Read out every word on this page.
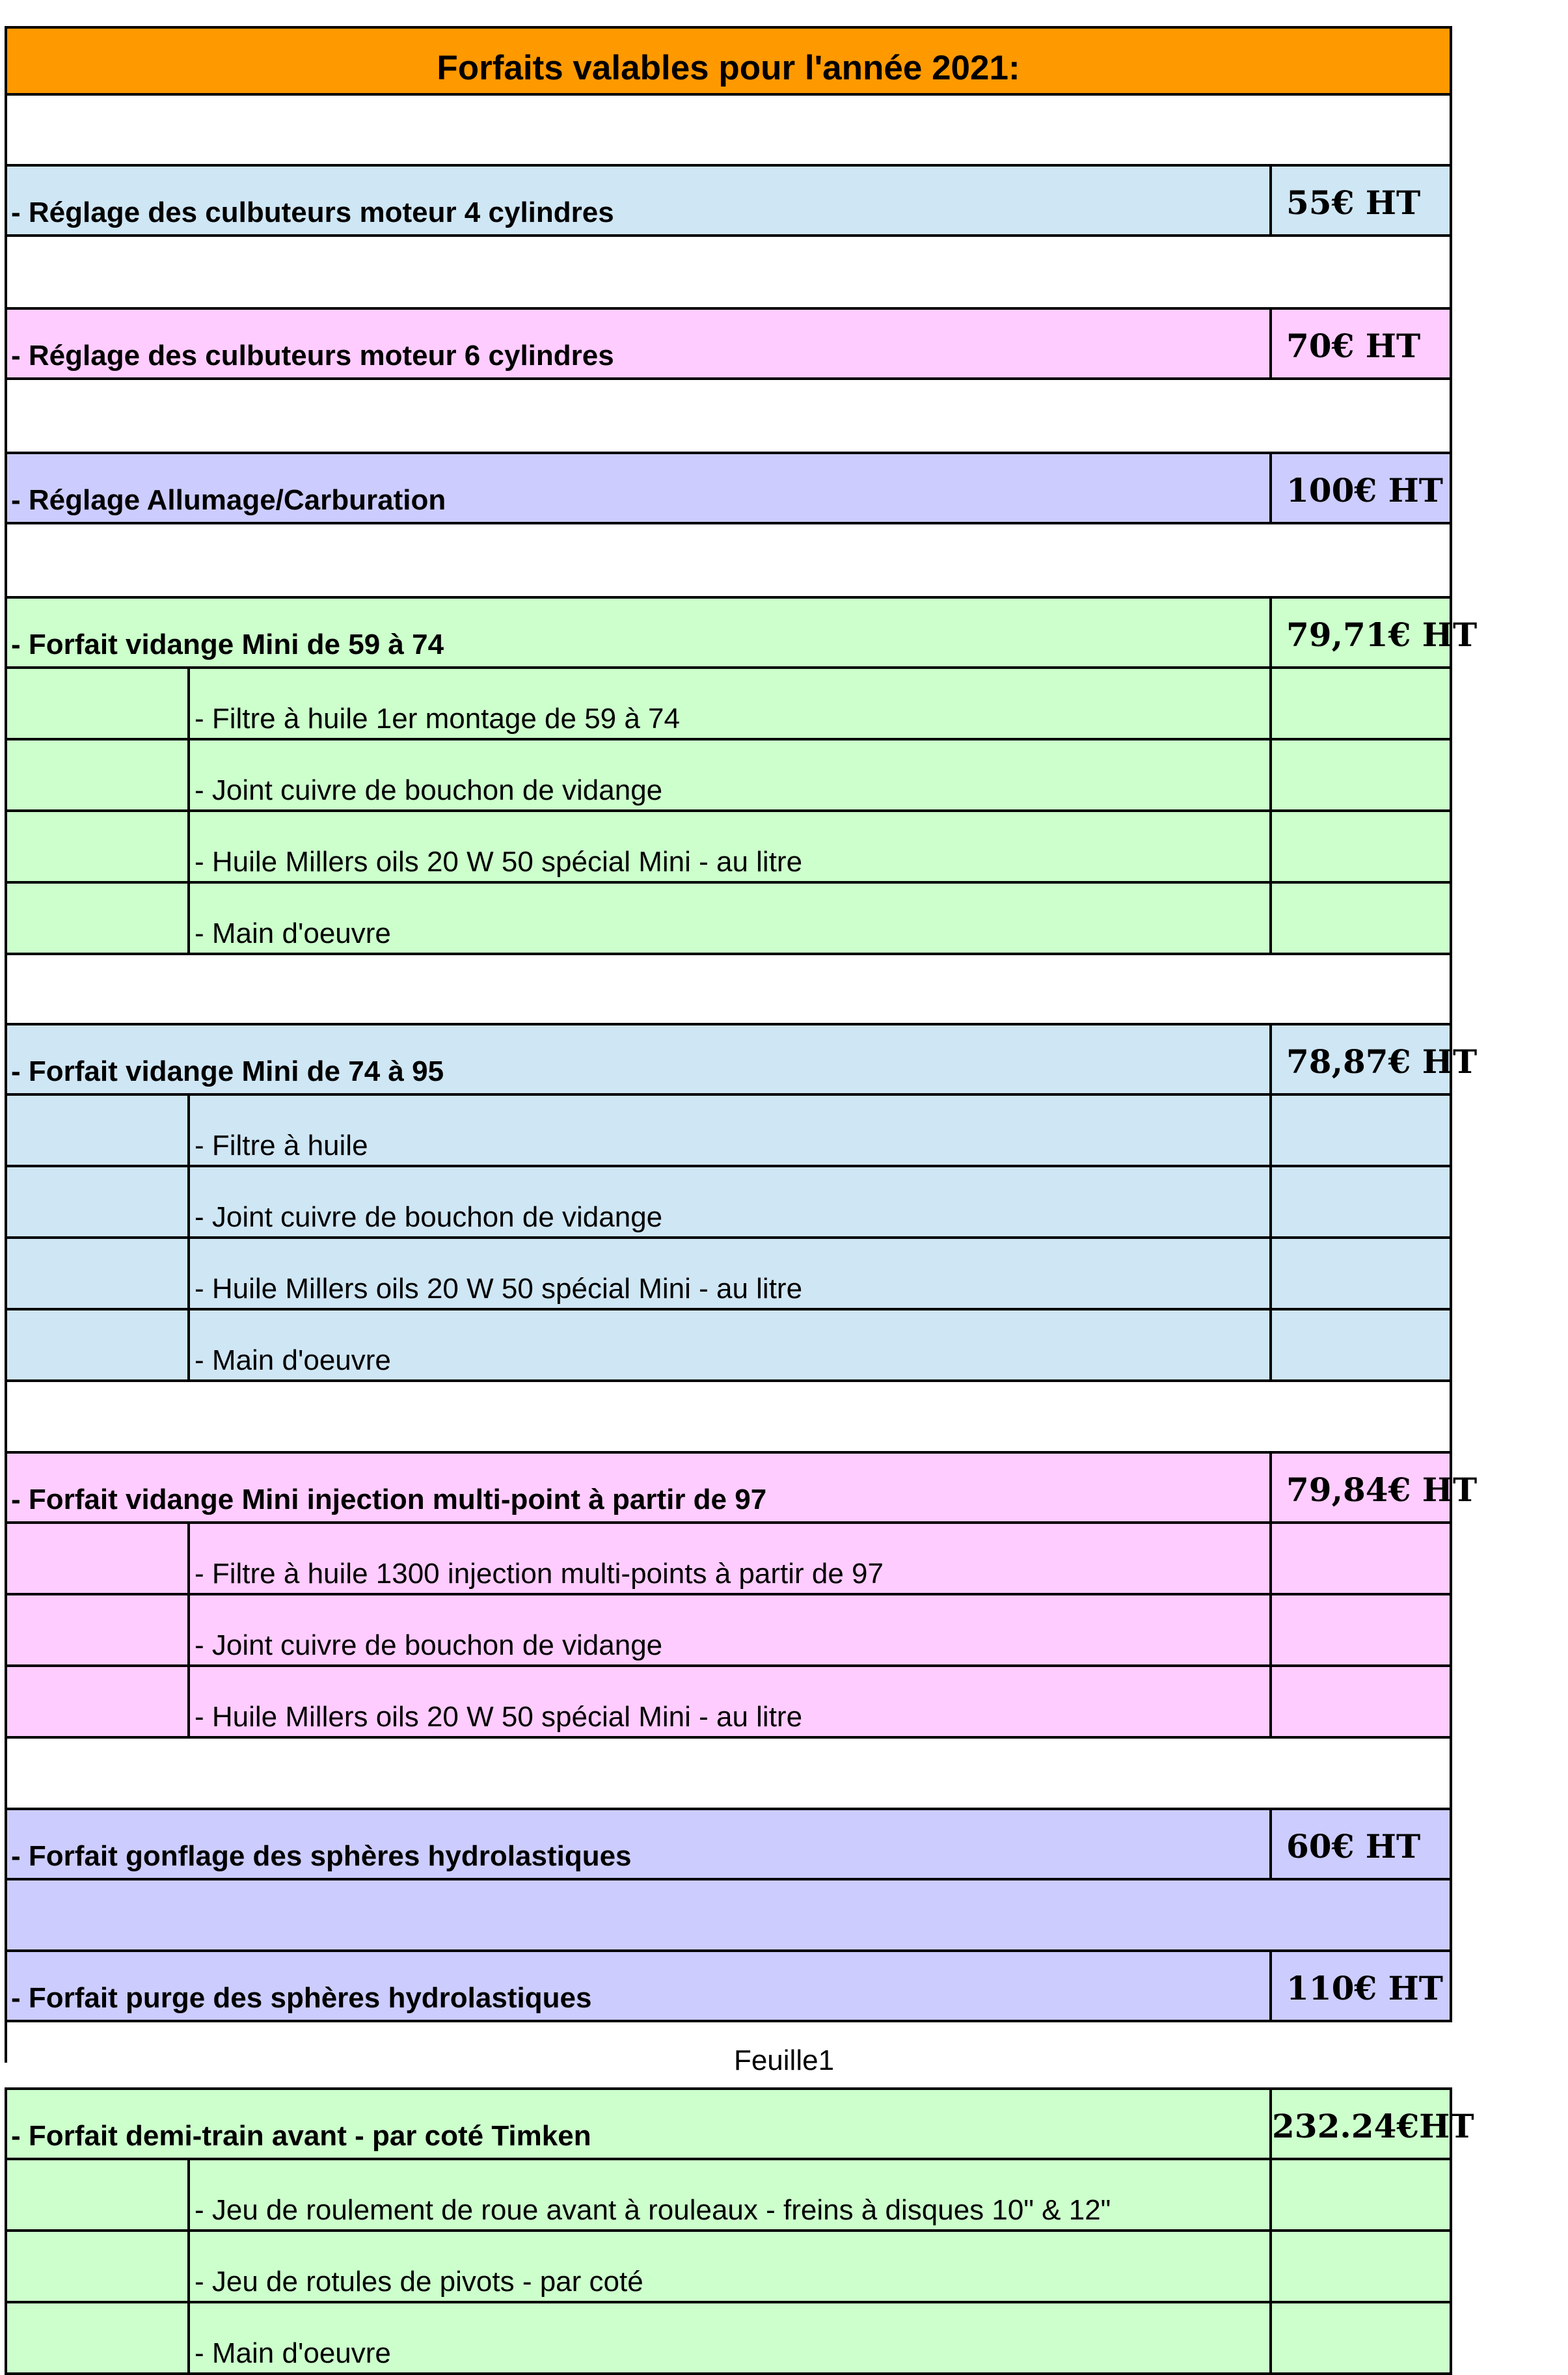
Forfaits valables pour l'année 2021:
- Réglage des culbuteurs moteur 4 cylindres	55€ HT
- Réglage des culbuteurs moteur 6 cylindres	70€ HT
- Réglage Allumage/Carburation	100€ HT
- Forfait vidange Mini de 59 à 74	79,71€ HT
- Filtre à huile 1er montage de 59 à 74
- Joint cuivre de bouchon de vidange
- Huile Millers oils 20 W 50 spécial Mini - au litre
- Main d'oeuvre
- Forfait vidange Mini de 74 à 95	78,87€ HT
- Filtre à huile
- Joint cuivre de bouchon de vidange
- Huile Millers oils 20 W 50 spécial Mini - au litre
- Main d'oeuvre
- Forfait vidange Mini injection multi-point à partir de 97	79,84€ HT
- Filtre à huile 1300 injection multi-points à partir de 97
- Joint cuivre de bouchon de vidange
- Huile Millers oils 20 W 50 spécial Mini - au litre
- Forfait gonflage des sphères hydrolastiques	60€ HT
- Forfait purge des sphères hydrolastiques	110€ HT
Feuille1
- Forfait demi-train avant - par coté Timken	232.24€HT
- Jeu de roulement de roue avant à rouleaux - freins à disques 10" & 12"
- Jeu de rotules de pivots - par coté
- Main d'oeuvre
